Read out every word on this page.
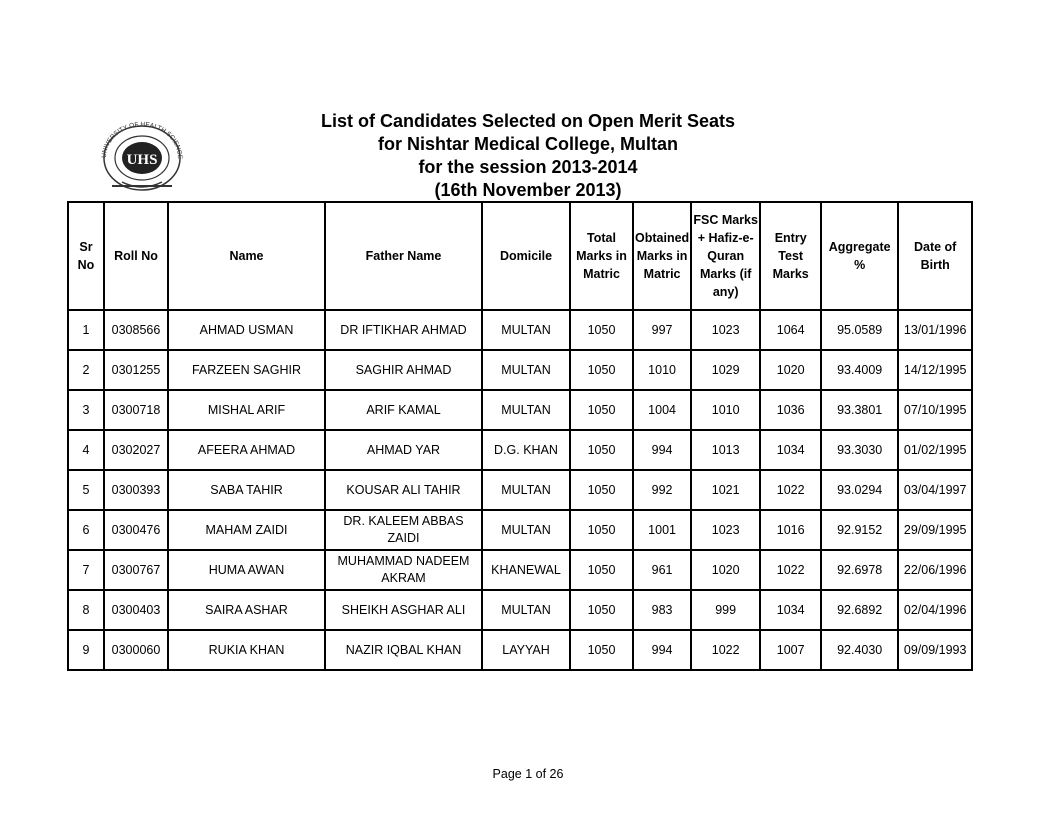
UNIVERSITY OF HEALTH SCIENCE
UHS
List of Candidates Selected on Open Merit Seats
for Nishtar Medical College, Multan
for the session 2013-2014
(16th November 2013)
Sr No	Roll No	Name	Father Name	Domicile	Total Marks in Matric	Obtained Marks in Matric	FSC Marks + Hafiz-e-Quran Marks (if any)	Entry Test Marks	Aggregate %	Date of Birth
1	0308566	AHMAD USMAN	DR IFTIKHAR AHMAD	MULTAN	1050	997	1023	1064	95.0589	13/01/1996
2	0301255	FARZEEN SAGHIR	SAGHIR AHMAD	MULTAN	1050	1010	1029	1020	93.4009	14/12/1995
3	0300718	MISHAL ARIF	ARIF KAMAL	MULTAN	1050	1004	1010	1036	93.3801	07/10/1995
4	0302027	AFEERA AHMAD	AHMAD YAR	D.G. KHAN	1050	994	1013	1034	93.3030	01/02/1995
5	0300393	SABA TAHIR	KOUSAR ALI TAHIR	MULTAN	1050	992	1021	1022	93.0294	03/04/1997
6	0300476	MAHAM ZAIDI	DR. KALEEM ABBAS ZAIDI	MULTAN	1050	1001	1023	1016	92.9152	29/09/1995
7	0300767	HUMA AWAN	MUHAMMAD NADEEM AKRAM	KHANEWAL	1050	961	1020	1022	92.6978	22/06/1996
8	0300403	SAIRA ASHAR	SHEIKH ASGHAR ALI	MULTAN	1050	983	999	1034	92.6892	02/04/1996
9	0300060	RUKIA KHAN	NAZIR IQBAL KHAN	LAYYAH	1050	994	1022	1007	92.4030	09/09/1993
Page 1 of 26
